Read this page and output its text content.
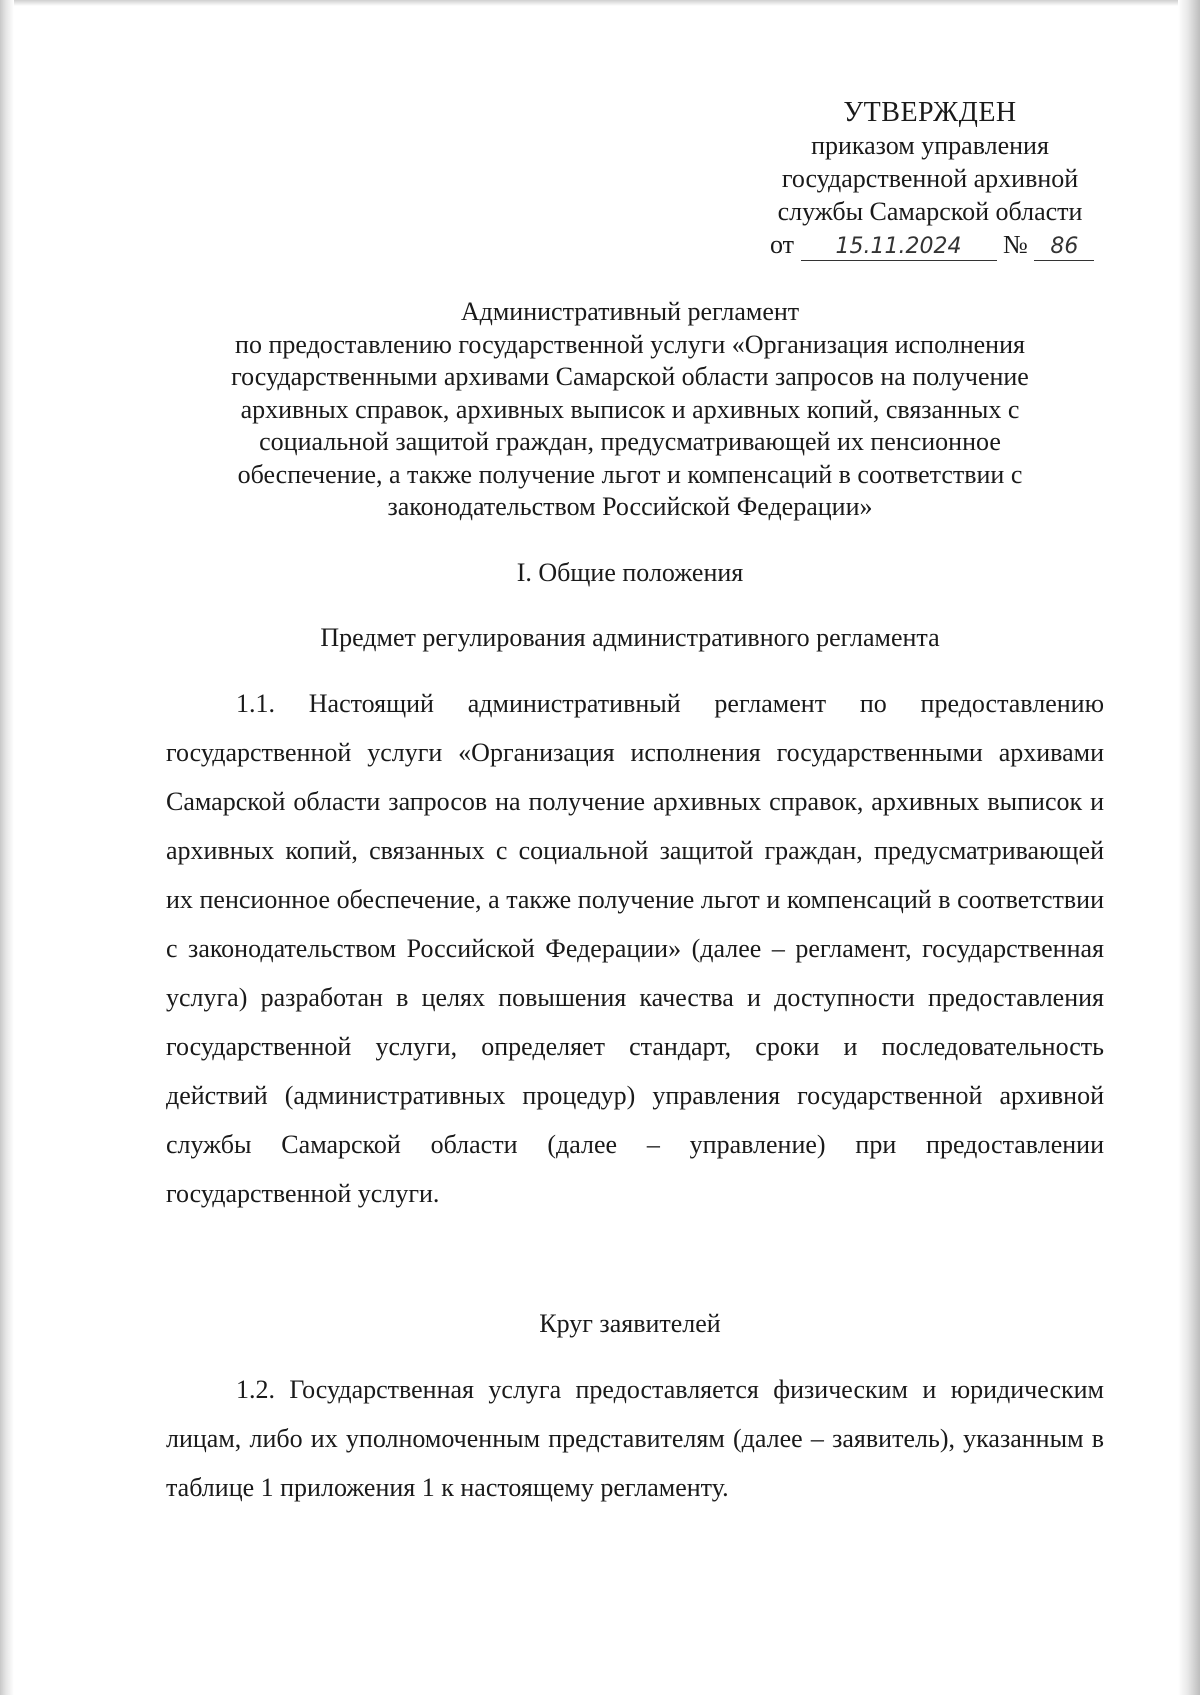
УТВЕРЖДЕН
приказом управления
государственной архивной
службы Самарской области
от 15.11.2024 № 86
Административный регламент
по предоставлению государственной услуги «Организация исполнения
государственными архивами Самарской области запросов на получение
архивных справок, архивных выписок и архивных копий, связанных с
социальной защитой граждан, предусматривающей их пенсионное
обеспечение, а также получение льгот и компенсаций в соответствии с
законодательством Российской Федерации»
I. Общие положения
Предмет регулирования административного регламента

1.1. Настоящий административный регламент по предоставлению государственной услуги «Организация исполнения государственными архивами Самарской области запросов на получение архивных справок, архивных выписок и архивных копий, связанных с социальной защитой граждан, предусматривающей их пенсионное обеспечение, а также получение льгот и компенсаций в соответствии с законодательством Российской Федерации» (далее – регламент, государственная услуга) разработан в целях повышения качества и доступности предоставления государственной услуги, определяет стандарт, сроки и последовательность действий (административных процедур) управления государственной архивной службы Самарской области (далее – управление) при предоставлении государственной услуги.

Круг заявителей

1.2. Государственная услуга предоставляется физическим и юридическим лицам, либо их уполномоченным представителям (далее – заявитель), указанным в таблице 1 приложения 1 к настоящему регламенту.
